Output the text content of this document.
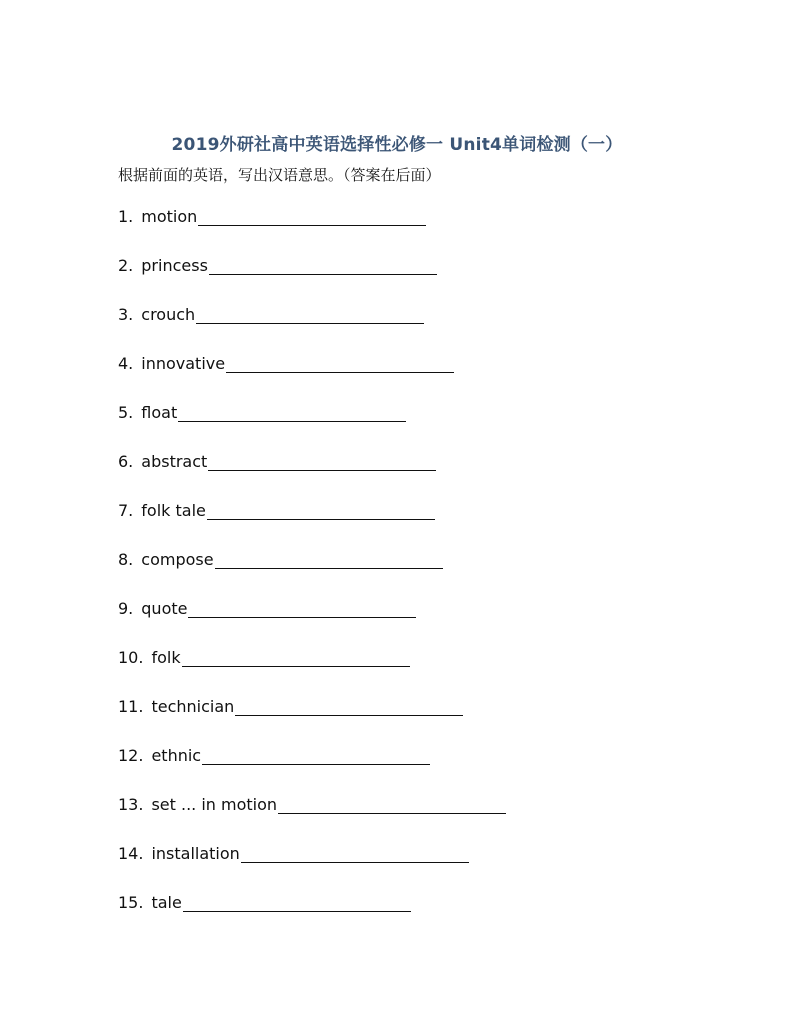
2019外研社高中英语选择性必修一 Unit4单词检测（一）
根据前面的英语，写出汉语意思。（答案在后面）
1. motion
2. princess
3. crouch
4. innovative
5. float
6. abstract
7. folk tale
8. compose
9. quote
10. folk
11. technician
12. ethnic
13. set ... in motion
14. installation
15. tale
